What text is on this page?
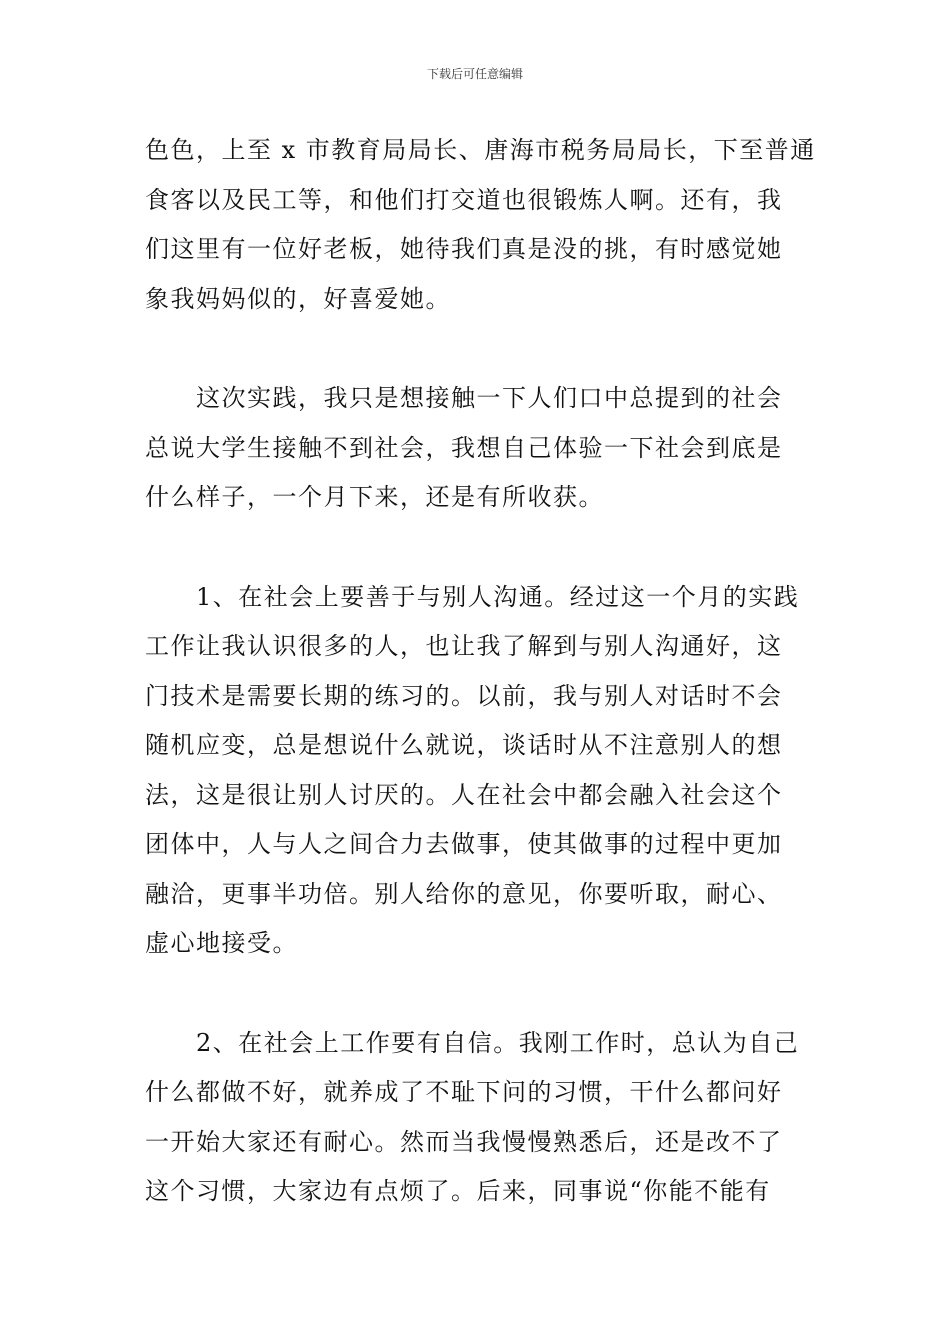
下载后可任意编辑
色色，上至 x 市教育局局长、唐海市税务局局长，下至普通
食客以及民工等，和他们打交道也很锻炼人啊。还有，我
们这里有一位好老板，她待我们真是没的挑，有时感觉她
象我妈妈似的，好喜爱她。
　　这次实践，我只是想接触一下人们口中总提到的社会
总说大学生接触不到社会，我想自己体验一下社会到底是
什么样子，一个月下来，还是有所收获。
　　1、在社会上要善于与别人沟通。经过这一个月的实践
工作让我认识很多的人，也让我了解到与别人沟通好，这
门技术是需要长期的练习的。以前，我与别人对话时不会
随机应变，总是想说什么就说，谈话时从不注意别人的想
法，这是很让别人讨厌的。人在社会中都会融入社会这个
团体中，人与人之间合力去做事，使其做事的过程中更加
融洽，更事半功倍。别人给你的意见，你要听取，耐心、
虚心地接受。
　　2、在社会上工作要有自信。我刚工作时，总认为自己
什么都做不好，就养成了不耻下问的习惯，干什么都问好
一开始大家还有耐心。然而当我慢慢熟悉后，还是改不了
这个习惯，大家边有点烦了。后来，同事说“你能不能有
